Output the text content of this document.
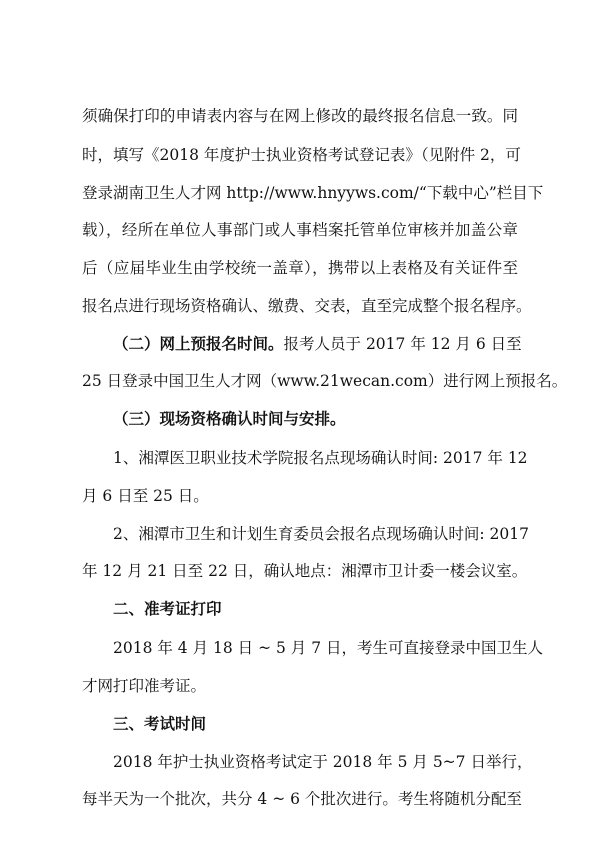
须确保打印的申请表内容与在网上修改的最终报名信息一致。同
时，填写《2018 年度护士执业资格考试登记表》（见附件 2，可
登录湖南卫生人才网 http://www.hnyyws.com/“下载中心”栏目下
载），经所在单位人事部门或人事档案托管单位审核并加盖公章
后（应届毕业生由学校统一盖章），携带以上表格及有关证件至
报名点进行现场资格确认、缴费、交表，直至完成整个报名程序。
（二）网上预报名时间。报考人员于 2017 年 12 月 6 日至
25 日登录中国卫生人才网（www.21wecan.com）进行网上预报名。
（三）现场资格确认时间与安排。
1、湘潭医卫职业技术学院报名点现场确认时间: 2017 年 12
月 6 日至 25 日。
2、湘潭市卫生和计划生育委员会报名点现场确认时间: 2017
年 12 月 21 日至 22 日，确认地点：湘潭市卫计委一楼会议室。
二、准考证打印
2018 年 4 月 18 日 ~ 5 月 7 日，考生可直接登录中国卫生人
才网打印准考证。
三、考试时间
2018 年护士执业资格考试定于 2018 年 5 月 5~7 日举行，
每半天为一个批次，共分 4 ~ 6 个批次进行。考生将随机分配至
